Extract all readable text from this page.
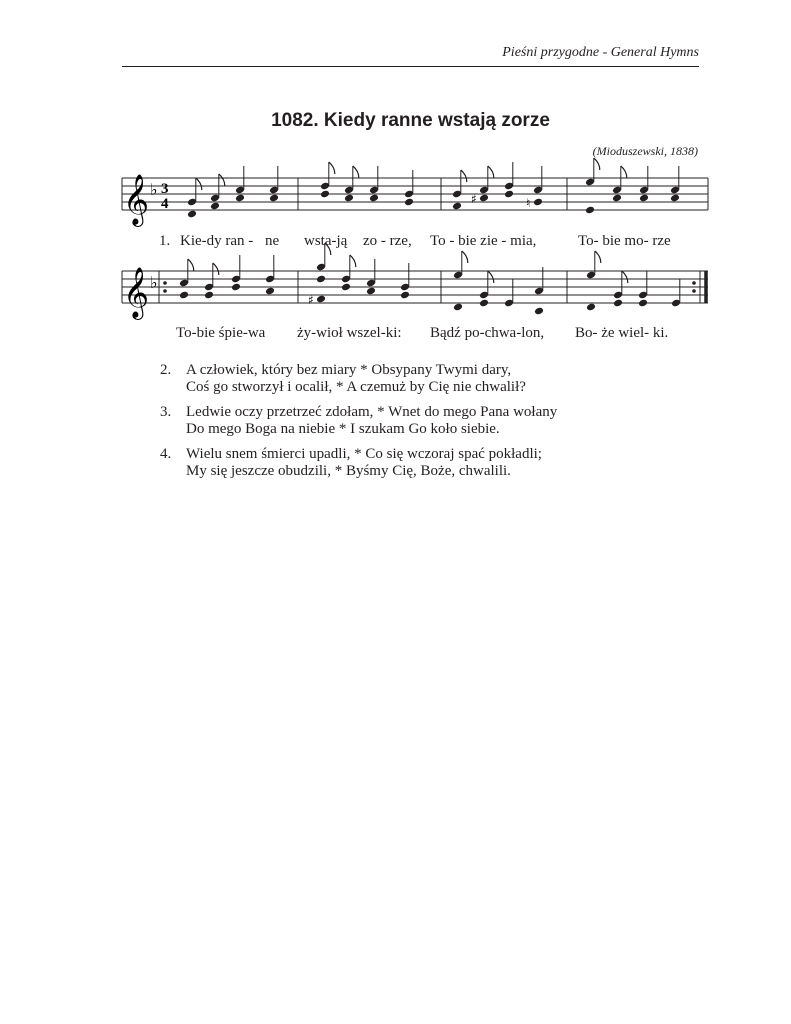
Pieśni przygodne - General Hymns
1082. Kiedy ranne wstają zorze
(Mioduszewski, 1838)
𝄞 ♭ 3
4	♯	♮
1. Kie-dy ran - ne wsta-ją zo - rze, To - bie zie - mia,	To- bie mo- rze
𝄞 ♭
♯
To-bie śpie-wa ży-wioł wszel-ki: Bądź po-chwa-lon, Bo- że wiel- ki.
2. A człowiek, który bez miary * Obsypany Twymi dary,
Coś go stworzył i ocalił, * A czemuż by Cię nie chwalił?
3. Ledwie oczy przetrzeć zdołam, * Wnet do mego Pana wołany
Do mego Boga na niebie * I szukam Go koło siebie.
4. Wielu snem śmierci upadli, * Co się wczoraj spać pokładli;
My się jeszcze obudzili, * Byśmy Cię, Boże, chwalili.
